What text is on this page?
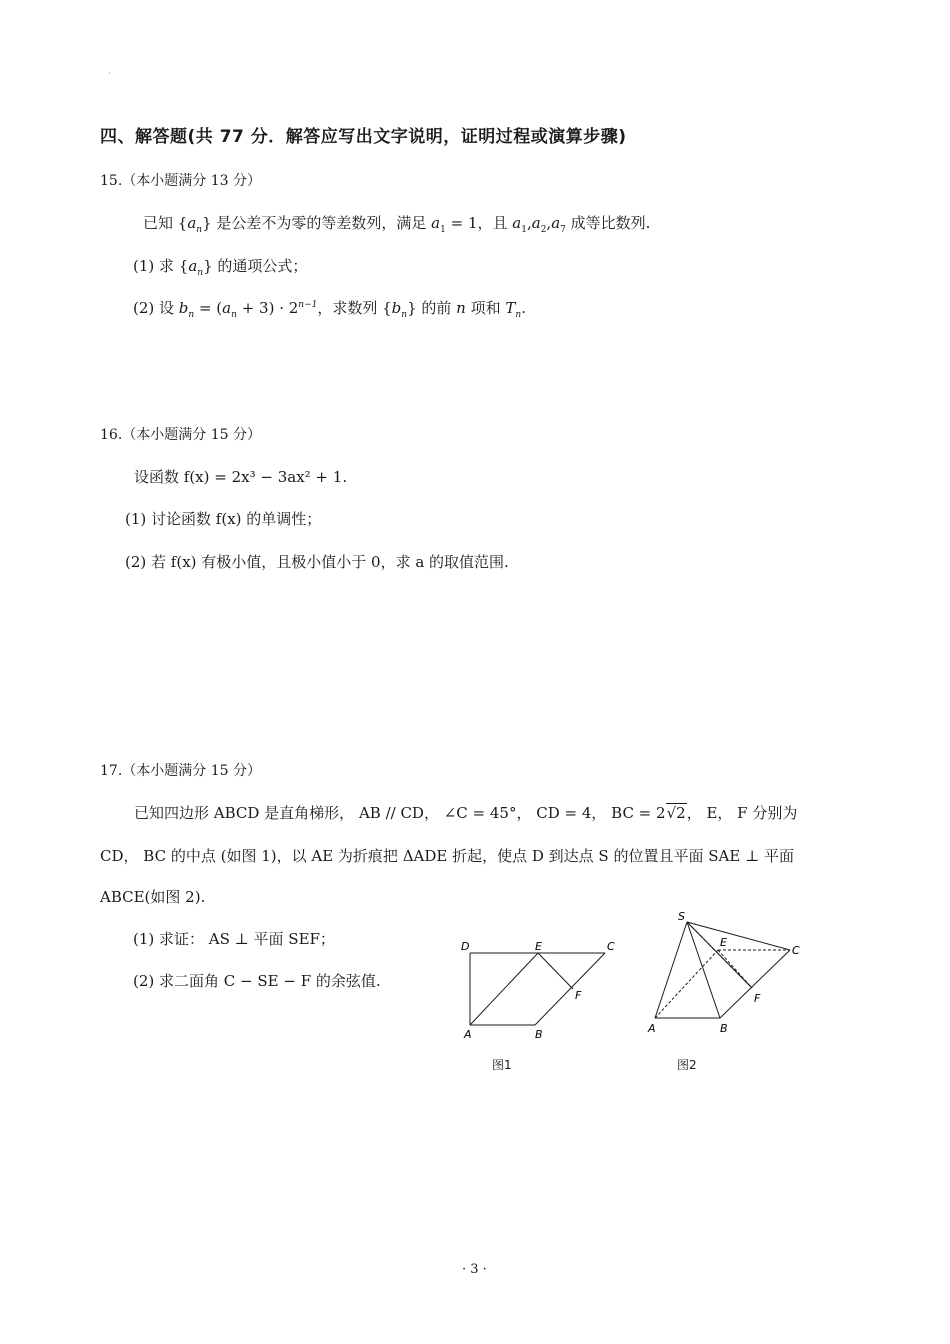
`
四、解答题(共 77 分．解答应写出文字说明，证明过程或演算步骤)
15.（本小题满分 13 分）
已知 $\{a_n\}$ 是公差不为零的等差数列，满足 $a_1 = 1$，且 $a_1,a_2,a_7$ 成等比数列.
(1) 求 $\{a_n\}$ 的通项公式；
(2) 设 $b_n = (a_n + 3) \cdot 2^{n-1}$，求数列 $\{b_n\}$ 的前 n 项和 $T_n$.
16.（本小题满分 15 分）
设函数 f(x) = 2x³ − 3ax² + 1.
(1) 讨论函数 f(x) 的单调性；
(2) 若 f(x) 有极小值，且极小值小于 0，求 a 的取值范围.
17.（本小题满分 15 分）
已知四边形 ABCD 是直角梯形， AB // CD， ∠C = 45°， CD = 4， BC = 2√2， E， F 分别为
CD， BC 的中点 (如图 1)，以 AE 为折痕把 ΔADE 折起，使点 D 到达点 S 的位置且平面 SAE ⊥ 平面
ABCE(如图 2).
(1) 求证： AS ⊥ 平面 SEF；
(2) 求二面角 C − SE − F 的余弦值.
D	E	C
F
A	B
图1
S
E
C
F
A	B
图2
· 3 ·
